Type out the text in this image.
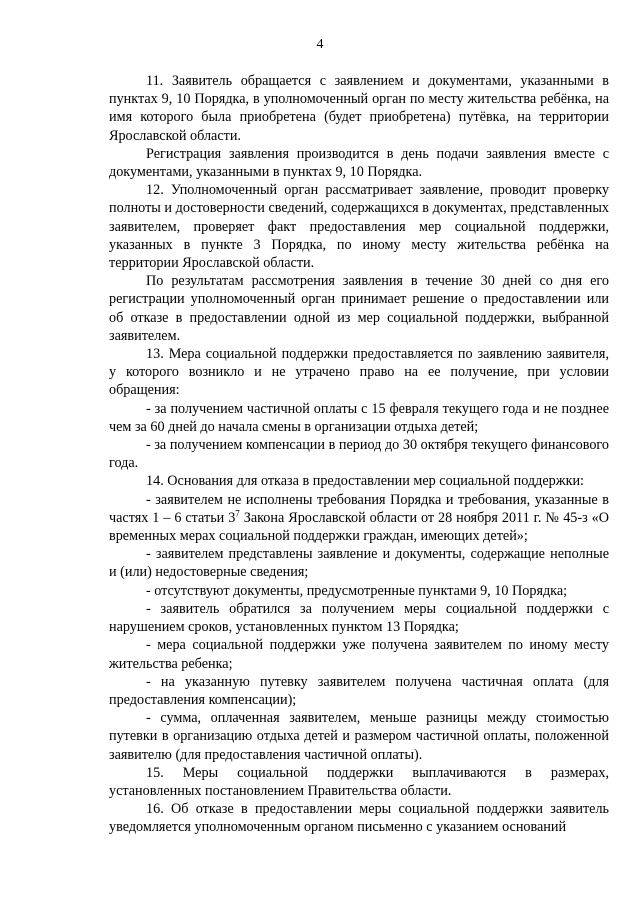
4

11. Заявитель обращается с заявлением и документами, указанными в пунктах 9, 10 Порядка, в уполномоченный орган по месту жительства ребёнка, на имя которого была приобретена (будет приобретена) путёвка, на территории Ярославской области.

Регистрация заявления производится в день подачи заявления вместе с документами, указанными в пунктах 9, 10 Порядка.

12. Уполномоченный орган рассматривает заявление, проводит проверку полноты и достоверности сведений, содержащихся в документах, представленных заявителем, проверяет факт предоставления мер социальной поддержки, указанных в пункте 3 Порядка, по иному месту жительства ребёнка на территории Ярославской области.

По результатам рассмотрения заявления в течение 30 дней со дня его регистрации уполномоченный орган принимает решение о предоставлении или об отказе в предоставлении одной из мер социальной поддержки, выбранной заявителем.

13. Мера социальной поддержки предоставляется по заявлению заявителя, у которого возникло и не утрачено право на ее получение, при условии обращения:

- за получением частичной оплаты с 15 февраля текущего года и не позднее чем за 60 дней до начала смены в организации отдыха детей;

- за получением компенсации в период до 30 октября текущего финансового года.

14. Основания для отказа в предоставлении мер социальной поддержки:

- заявителем не исполнены требования Порядка и требования, указанные в частях 1 – 6 статьи $3^7$ Закона Ярославской области от 28 ноября 2011 г. № 45-з «О временных мерах социальной поддержки граждан, имеющих детей»;

- заявителем представлены заявление и документы, содержащие неполные и (или) недостоверные сведения;

- отсутствуют документы, предусмотренные пунктами 9, 10 Порядка;

- заявитель обратился за получением меры социальной поддержки с нарушением сроков, установленных пунктом 13 Порядка;

- мера социальной поддержки уже получена заявителем по иному месту жительства ребенка;

- на указанную путевку заявителем получена частичная оплата (для предоставления компенсации);

- сумма, оплаченная заявителем, меньше разницы между стоимостью путевки в организацию отдыха детей и размером частичной оплаты, положенной заявителю (для предоставления частичной оплаты).

15. Меры социальной поддержки выплачиваются в размерах, установленных постановлением Правительства области.

16. Об отказе в предоставлении меры социальной поддержки заявитель уведомляется уполномоченным органом письменно с указанием оснований
